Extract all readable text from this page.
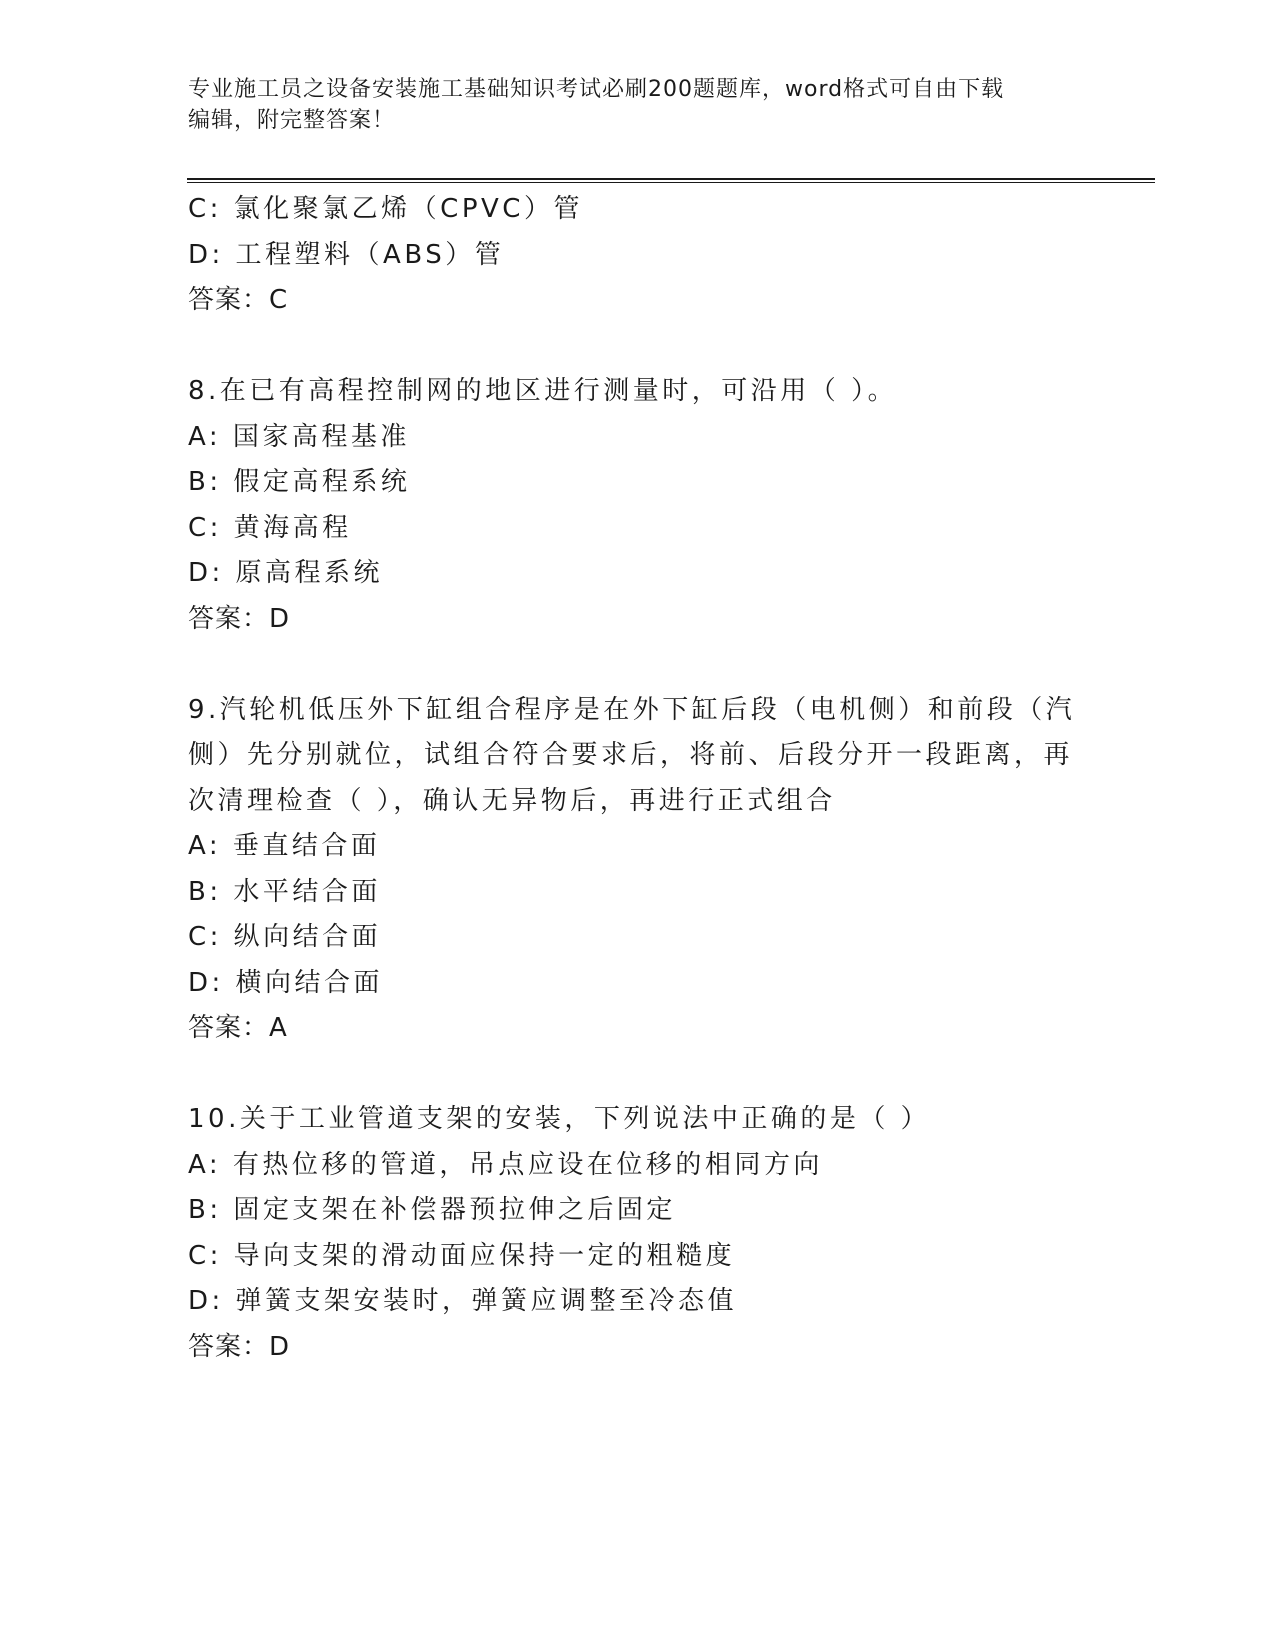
专业施工员之设备安装施工基础知识考试必刷200题题库，word格式可自由下载
编辑，附完整答案！
C: 氯化聚氯乙烯（CPVC）管
D: 工程塑料（ABS）管
答案：C
8.在已有高程控制网的地区进行测量时，可沿用（ ）。
A: 国家高程基准
B: 假定高程系统
C: 黄海高程
D: 原高程系统
答案：D
9.汽轮机低压外下缸组合程序是在外下缸后段（电机侧）和前段（汽
侧）先分别就位，试组合符合要求后，将前、后段分开一段距离，再
次清理检查（ ），确认无异物后，再进行正式组合
A: 垂直结合面
B: 水平结合面
C: 纵向结合面
D: 横向结合面
答案：A
10.关于工业管道支架的安装，下列说法中正确的是（ ）
A: 有热位移的管道，吊点应设在位移的相同方向
B: 固定支架在补偿器预拉伸之后固定
C: 导向支架的滑动面应保持一定的粗糙度
D: 弹簧支架安装时，弹簧应调整至冷态值
答案：D
